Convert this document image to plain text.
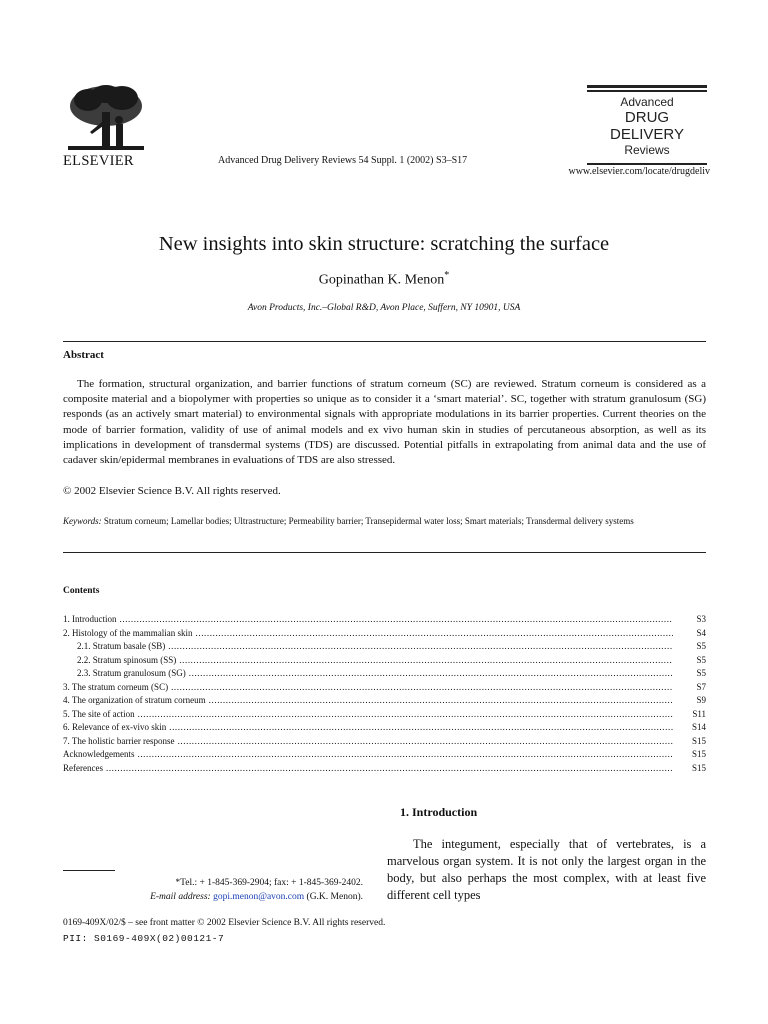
ELSEVIER	Advanced Drug Delivery Reviews 54 Suppl. 1 (2002) S3–S17
Advanced
DRUG DELIVERY
Reviews
www.elsevier.com/locate/drugdeliv
New insights into skin structure: scratching the surface
Gopinathan K. Menon*
Avon Products, Inc.–Global R&D, Avon Place, Suffern, NY 10901, USA
Abstract
The formation, structural organization, and barrier functions of stratum corneum (SC) are reviewed. Stratum corneum is considered as a composite material and a biopolymer with properties so unique as to consider it a ‘smart material’. SC, together with stratum granulosum (SG) responds (as an actively smart material) to environmental signals with appropriate modulations in its barrier properties. Current theories on the mode of barrier formation, validity of use of animal models and ex vivo human skin in studies of percutaneous absorption, as well as its implications in development of transdermal systems (TDS) are discussed. Potential pitfalls in extrapolating from animal data and the use of cadaver skin/epidermal membranes in evaluations of TDS are also stressed.
© 2002 Elsevier Science B.V. All rights reserved.
Keywords: Stratum corneum; Lamellar bodies; Ultrastructure; Permeability barrier; Transepidermal water loss; Smart materials; Transdermal delivery systems
Contents
1. Introduction .....	S3
2. Histology of the mammalian skin .....	S4
2.1. Stratum basale (SB) .....	S5
2.2. Stratum spinosum (SS) .....	S5
2.3. Stratum granulosum (SG) .....	S5
3. The stratum corneum (SC) .....	S7
4. The organization of stratum corneum .....	S9
5. The site of action .....	S11
6. Relevance of ex-vivo skin .....	S14
7. The holistic barrier response .....	S15
Acknowledgements .....	S15
References .....	S15
1. Introduction
The integument, especially that of vertebrates, is a marvelous organ system. It is not only the largest organ in the body, but also perhaps the most complex, with at least five different cell types
*Tel.: + 1-845-369-2904; fax: + 1-845-369-2402.
E-mail address: gopi.menon@avon.com (G.K. Menon).
0169-409X/02/$ – see front matter © 2002 Elsevier Science B.V. All rights reserved.
PII: S0169-409X(02)00121-7
